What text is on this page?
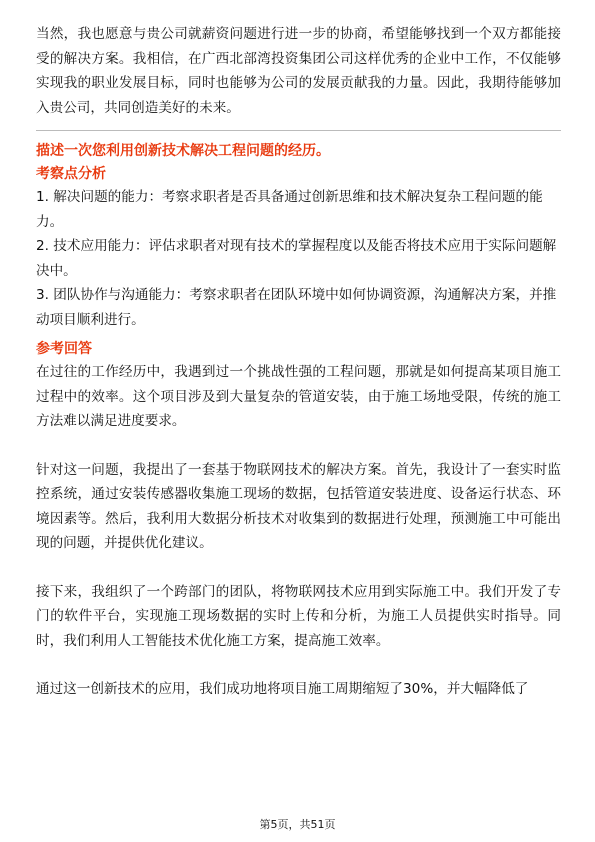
当然，我也愿意与贵公司就薪资问题进行进一步的协商，希望能够找到一个双方都能接受的解决方案。我相信，在广西北部湾投资集团公司这样优秀的企业中工作，不仅能够实现我的职业发展目标，同时也能够为公司的发展贡献我的力量。因此，我期待能够加入贵公司，共同创造美好的未来。

描述一次您利用创新技术解决工程问题的经历。

考察点分析

1. 解决问题的能力：考察求职者是否具备通过创新思维和技术解决复杂工程问题的能力。

2. 技术应用能力：评估求职者对现有技术的掌握程度以及能否将技术应用于实际问题解决中。

3. 团队协作与沟通能力：考察求职者在团队环境中如何协调资源，沟通解决方案，并推动项目顺利进行。

参考回答

在过往的工作经历中，我遇到过一个挑战性强的工程问题，那就是如何提高某项目施工过程中的效率。这个项目涉及到大量复杂的管道安装，由于施工场地受限，传统的施工方法难以满足进度要求。

针对这一问题，我提出了一套基于物联网技术的解决方案。首先，我设计了一套实时监控系统，通过安装传感器收集施工现场的数据，包括管道安装进度、设备运行状态、环境因素等。然后，我利用大数据分析技术对收集到的数据进行处理，预测施工中可能出现的问题，并提供优化建议。

接下来，我组织了一个跨部门的团队，将物联网技术应用到实际施工中。我们开发了专门的软件平台，实现施工现场数据的实时上传和分析，为施工人员提供实时指导。同时，我们利用人工智能技术优化施工方案，提高施工效率。

通过这一创新技术的应用，我们成功地将项目施工周期缩短了30%，并大幅降低了

第5页，共51页
